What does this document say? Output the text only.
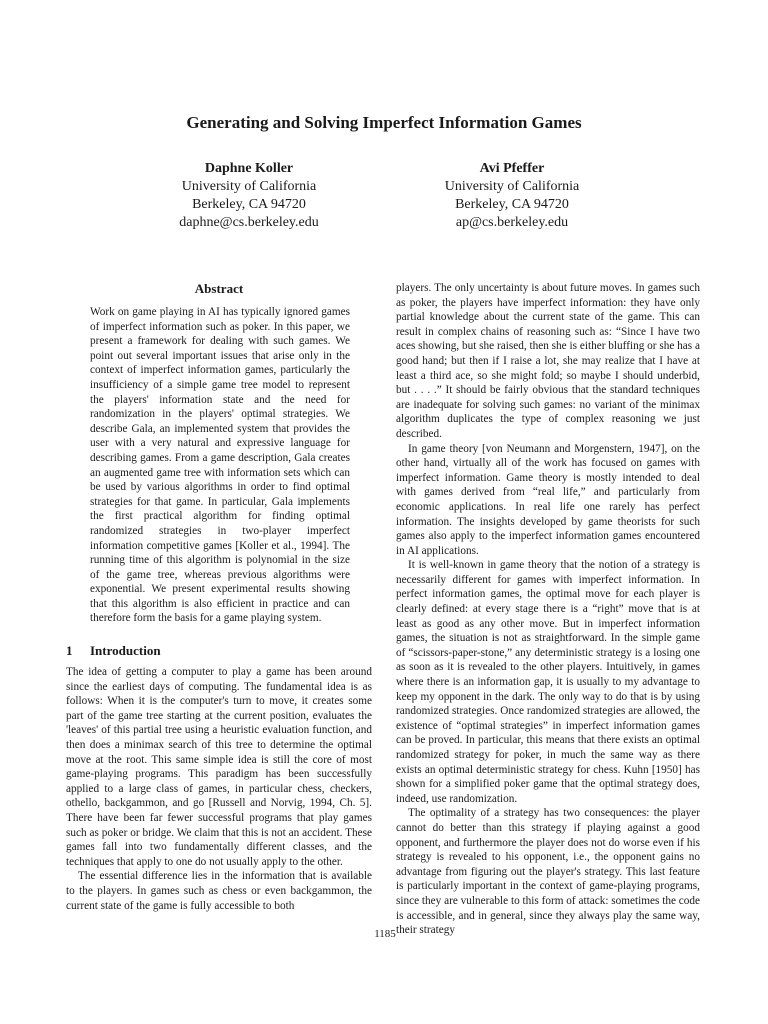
Generating and Solving Imperfect Information Games
Daphne Koller
University of California
Berkeley, CA 94720
daphne@cs.berkeley.edu
Avi Pfeffer
University of California
Berkeley, CA 94720
ap@cs.berkeley.edu
Abstract

Work on game playing in AI has typically ignored games of imperfect information such as poker. In this paper, we present a framework for dealing with such games. We point out several important issues that arise only in the context of imperfect information games, particularly the insufficiency of a simple game tree model to represent the players' information state and the need for randomization in the players' optimal strategies. We describe Gala, an implemented system that provides the user with a very natural and expressive language for describing games. From a game description, Gala creates an augmented game tree with information sets which can be used by various algorithms in order to find optimal strategies for that game. In particular, Gala implements the first practical algorithm for finding optimal randomized strategies in two-player imperfect information competitive games [Koller et al., 1994]. The running time of this algorithm is polynomial in the size of the game tree, whereas previous algorithms were exponential. We present experimental results showing that this algorithm is also efficient in practice and can therefore form the basis for a game playing system.

1 Introduction

The idea of getting a computer to play a game has been around since the earliest days of computing. The fundamental idea is as follows: When it is the computer's turn to move, it creates some part of the game tree starting at the current position, evaluates the 'leaves' of this partial tree using a heuristic evaluation function, and then does a minimax search of this tree to determine the optimal move at the root. This same simple idea is still the core of most game-playing programs. This paradigm has been successfully applied to a large class of games, in particular chess, checkers, othello, backgammon, and go [Russell and Norvig, 1994, Ch. 5]. There have been far fewer successful programs that play games such as poker or bridge. We claim that this is not an accident. These games fall into two fundamentally different classes, and the techniques that apply to one do not usually apply to the other.

The essential difference lies in the information that is available to the players. In games such as chess or even backgammon, the current state of the game is fully accessible to both

players. The only uncertainty is about future moves. In games such as poker, the players have imperfect information: they have only partial knowledge about the current state of the game. This can result in complex chains of reasoning such as: “Since I have two aces showing, but she raised, then she is either bluffing or she has a good hand; but then if I raise a lot, she may realize that I have at least a third ace, so she might fold; so maybe I should underbid, but . . . .” It should be fairly obvious that the standard techniques are inadequate for solving such games: no variant of the minimax algorithm duplicates the type of complex reasoning we just described.

In game theory [von Neumann and Morgenstern, 1947], on the other hand, virtually all of the work has focused on games with imperfect information. Game theory is mostly intended to deal with games derived from “real life,” and particularly from economic applications. In real life one rarely has perfect information. The insights developed by game theorists for such games also apply to the imperfect information games encountered in AI applications.

It is well-known in game theory that the notion of a strategy is necessarily different for games with imperfect information. In perfect information games, the optimal move for each player is clearly defined: at every stage there is a “right” move that is at least as good as any other move. But in imperfect information games, the situation is not as straightforward. In the simple game of “scissors-paper-stone,” any deterministic strategy is a losing one as soon as it is revealed to the other players. Intuitively, in games where there is an information gap, it is usually to my advantage to keep my opponent in the dark. The only way to do that is by using randomized strategies. Once randomized strategies are allowed, the existence of “optimal strategies” in imperfect information games can be proved. In particular, this means that there exists an optimal randomized strategy for poker, in much the same way as there exists an optimal deterministic strategy for chess. Kuhn [1950] has shown for a simplified poker game that the optimal strategy does, indeed, use randomization.

The optimality of a strategy has two consequences: the player cannot do better than this strategy if playing against a good opponent, and furthermore the player does not do worse even if his strategy is revealed to his opponent, i.e., the opponent gains no advantage from figuring out the player's strategy. This last feature is particularly important in the context of game-playing programs, since they are vulnerable to this form of attack: sometimes the code is accessible, and in general, since they always play the same way, their strategy

1185
